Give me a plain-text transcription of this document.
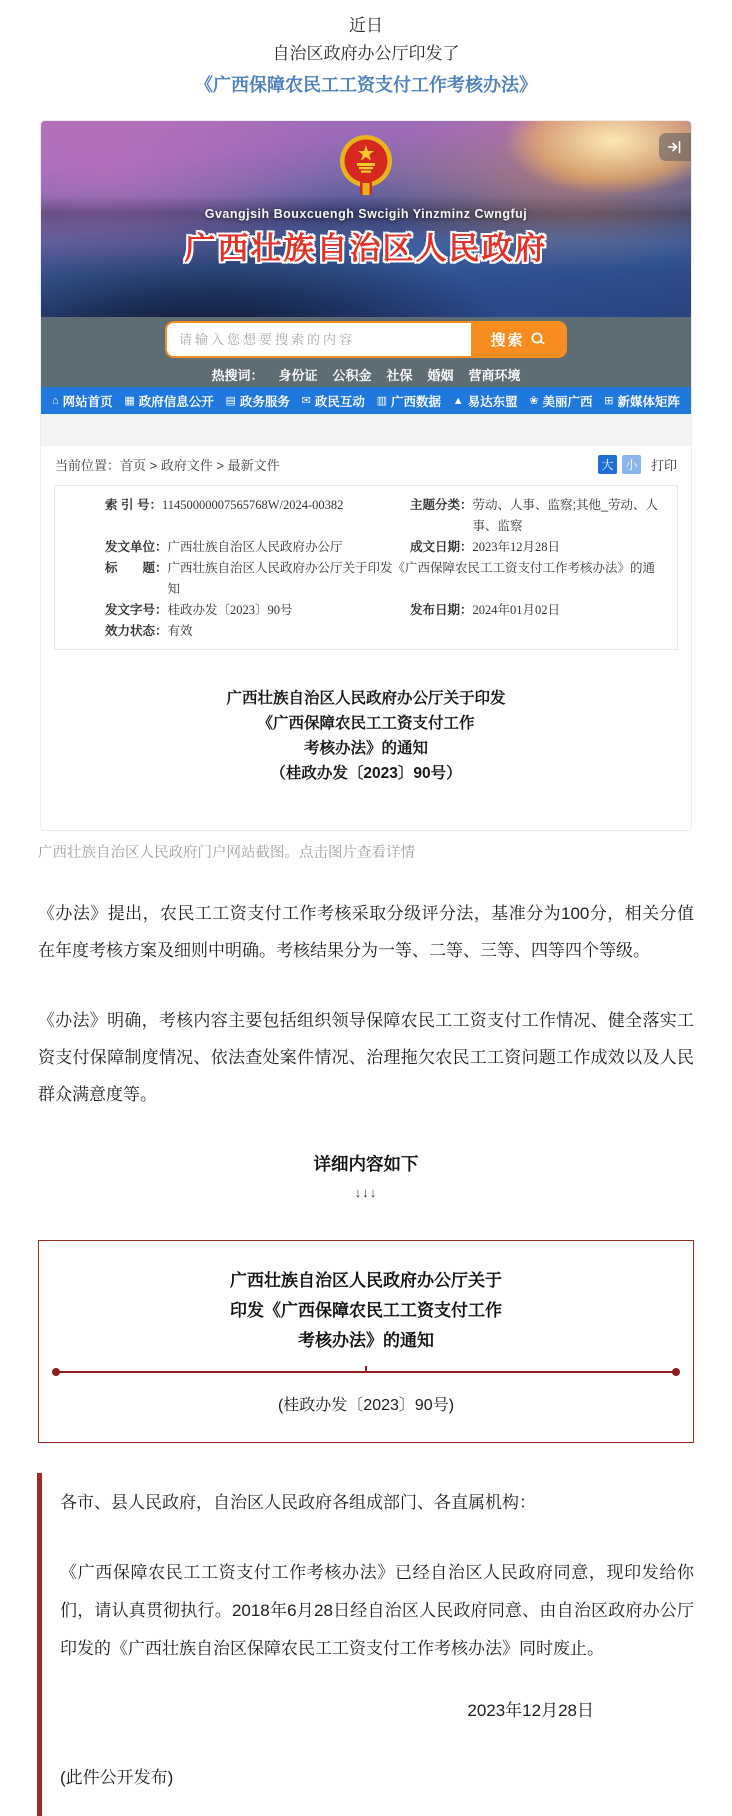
近日
自治区政府办公厅印发了
《广西保障农民工工资支付工作考核办法》
Gvangjsih Bouxcuengh Swcigih Yinzminz Cwngfuj
广西壮族自治区人民政府
请输入您想要搜索的内容
搜索
热搜词： 身份证 公积金 社保 婚姻 营商环境
⌂ 网站首页 ▦ 政府信息公开 ▤ 政务服务 ✉ 政民互动 ▥ 广西数据 ▲ 易达东盟 ❀ 美丽广西 ⊞ 新媒体矩阵
当前位置： 首页 > 政府文件 > 最新文件	大 小 打印
索 引 号： 11450000007565768W/2024-00382	主题分类： 劳动、人事、监察;其他_劳动、人事、监察
发文单位： 广西壮族自治区人民政府办公厅	成文日期： 2023年12月28日
标　　题： 广西壮族自治区人民政府办公厅关于印发《广西保障农民工工资支付工作考核办法》的通知
发文字号： 桂政办发〔2023〕90号	发布日期： 2024年01月02日
效力状态： 有效
广西壮族自治区人民政府办公厅关于印发
《广西保障农民工工资支付工作
考核办法》的通知
（桂政办发〔2023〕90号）
广西壮族自治区人民政府门户网站截图。点击图片查看详情
《办法》提出，农民工工资支付工作考核采取分级评分法，基准分为100分，相关分值在年度考核方案及细则中明确。考核结果分为一等、二等、三等、四等四个等级。
《办法》明确，考核内容主要包括组织领导保障农民工工资支付工作情况、健全落实工资支付保障制度情况、依法查处案件情况、治理拖欠农民工工资问题工作成效以及人民群众满意度等。
详细内容如下
↓↓↓
广西壮族自治区人民政府办公厅关于
印发《广西保障农民工工资支付工作
考核办法》的通知
(桂政办发〔2023〕90号)
各市、县人民政府，自治区人民政府各组成部门、各直属机构：
《广西保障农民工工资支付工作考核办法》已经自治区人民政府同意，现印发给你们，请认真贯彻执行。2018年6月28日经自治区人民政府同意、由自治区政府办公厅印发的《广西壮族自治区保障农民工工资支付工作考核办法》同时废止。
2023年12月28日
(此件公开发布)
